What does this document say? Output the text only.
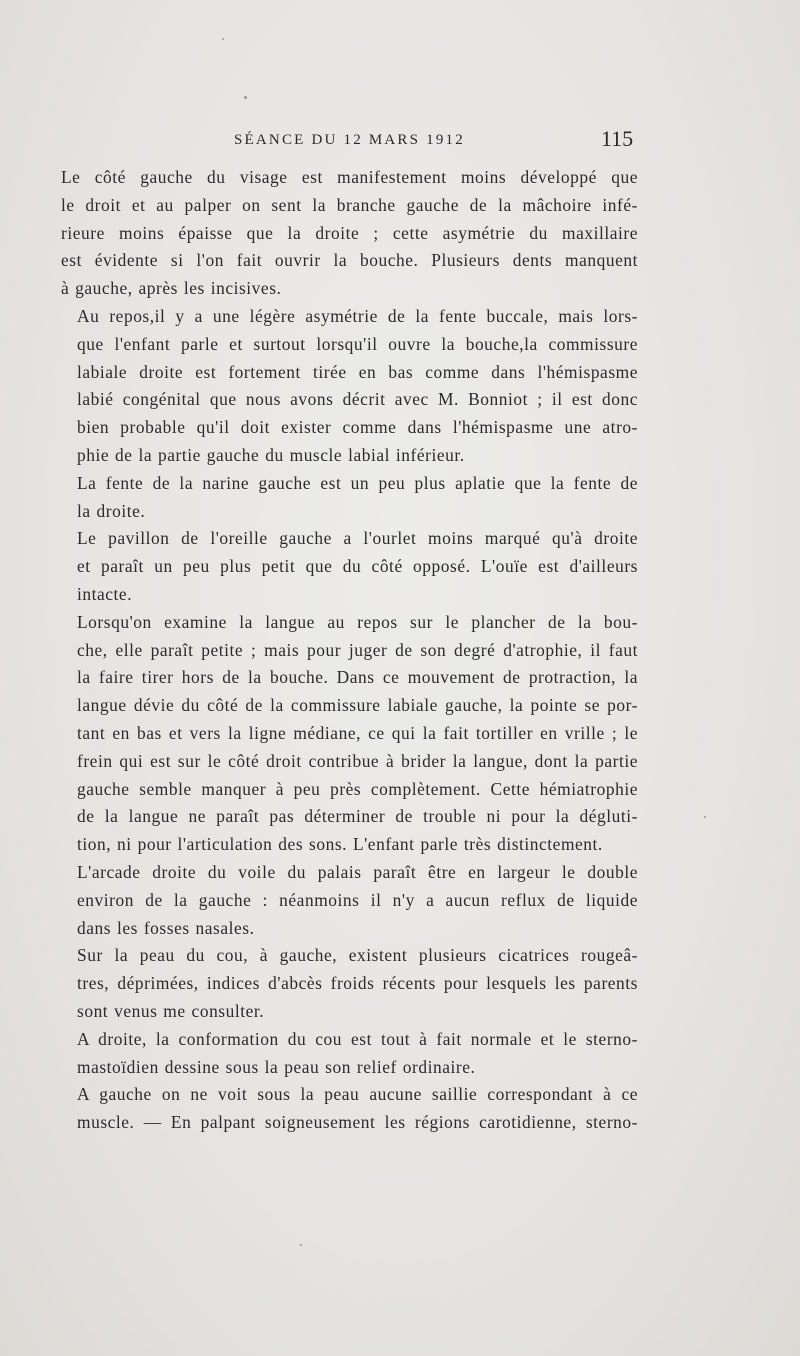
SÉANCE DU 12 MARS 1912	115

Le côté gauche du visage est manifestement moins développé que
le droit et au palper on sent la branche gauche de la mâchoire infé-
rieure moins épaisse que la droite ; cette asymétrie du maxillaire
est évidente si l'on fait ouvrir la bouche. Plusieurs dents manquent
à gauche, après les incisives.

Au repos,il y a une légère asymétrie de la fente buccale, mais lors-
que l'enfant parle et surtout lorsqu'il ouvre la bouche,la commissure
labiale droite est fortement tirée en bas comme dans l'hémispasme
labié congénital que nous avons décrit avec M. Bonniot ; il est donc
bien probable qu'il doit exister comme dans l'hémispasme une atro-
phie de la partie gauche du muscle labial inférieur.

La fente de la narine gauche est un peu plus aplatie que la fente de
la droite.

Le pavillon de l'oreille gauche a l'ourlet moins marqué qu'à droite
et paraît un peu plus petit que du côté opposé. L'ouïe est d'ailleurs
intacte.

Lorsqu'on examine la langue au repos sur le plancher de la bou-
che, elle paraît petite ; mais pour juger de son degré d'atrophie, il faut
la faire tirer hors de la bouche. Dans ce mouvement de protraction, la
langue dévie du côté de la commissure labiale gauche, la pointe se por-
tant en bas et vers la ligne médiane, ce qui la fait tortiller en vrille ; le
frein qui est sur le côté droit contribue à brider la langue, dont la partie
gauche semble manquer à peu près complètement. Cette hémiatrophie
de la langue ne paraît pas déterminer de trouble ni pour la dégluti-
tion, ni pour l'articulation des sons. L'enfant parle très distinctement.

L'arcade droite du voile du palais paraît être en largeur le double
environ de la gauche : néanmoins il n'y a aucun reflux de liquide
dans les fosses nasales.

Sur la peau du cou, à gauche, existent plusieurs cicatrices rougeâ-
tres, déprimées, indices d'abcès froids récents pour lesquels les parents
sont venus me consulter.

A droite, la conformation du cou est tout à fait normale et le sterno-
mastoïdien dessine sous la peau son relief ordinaire.

A gauche on ne voit sous la peau aucune saillie correspondant à ce
muscle. — En palpant soigneusement les régions carotidienne, sterno-
